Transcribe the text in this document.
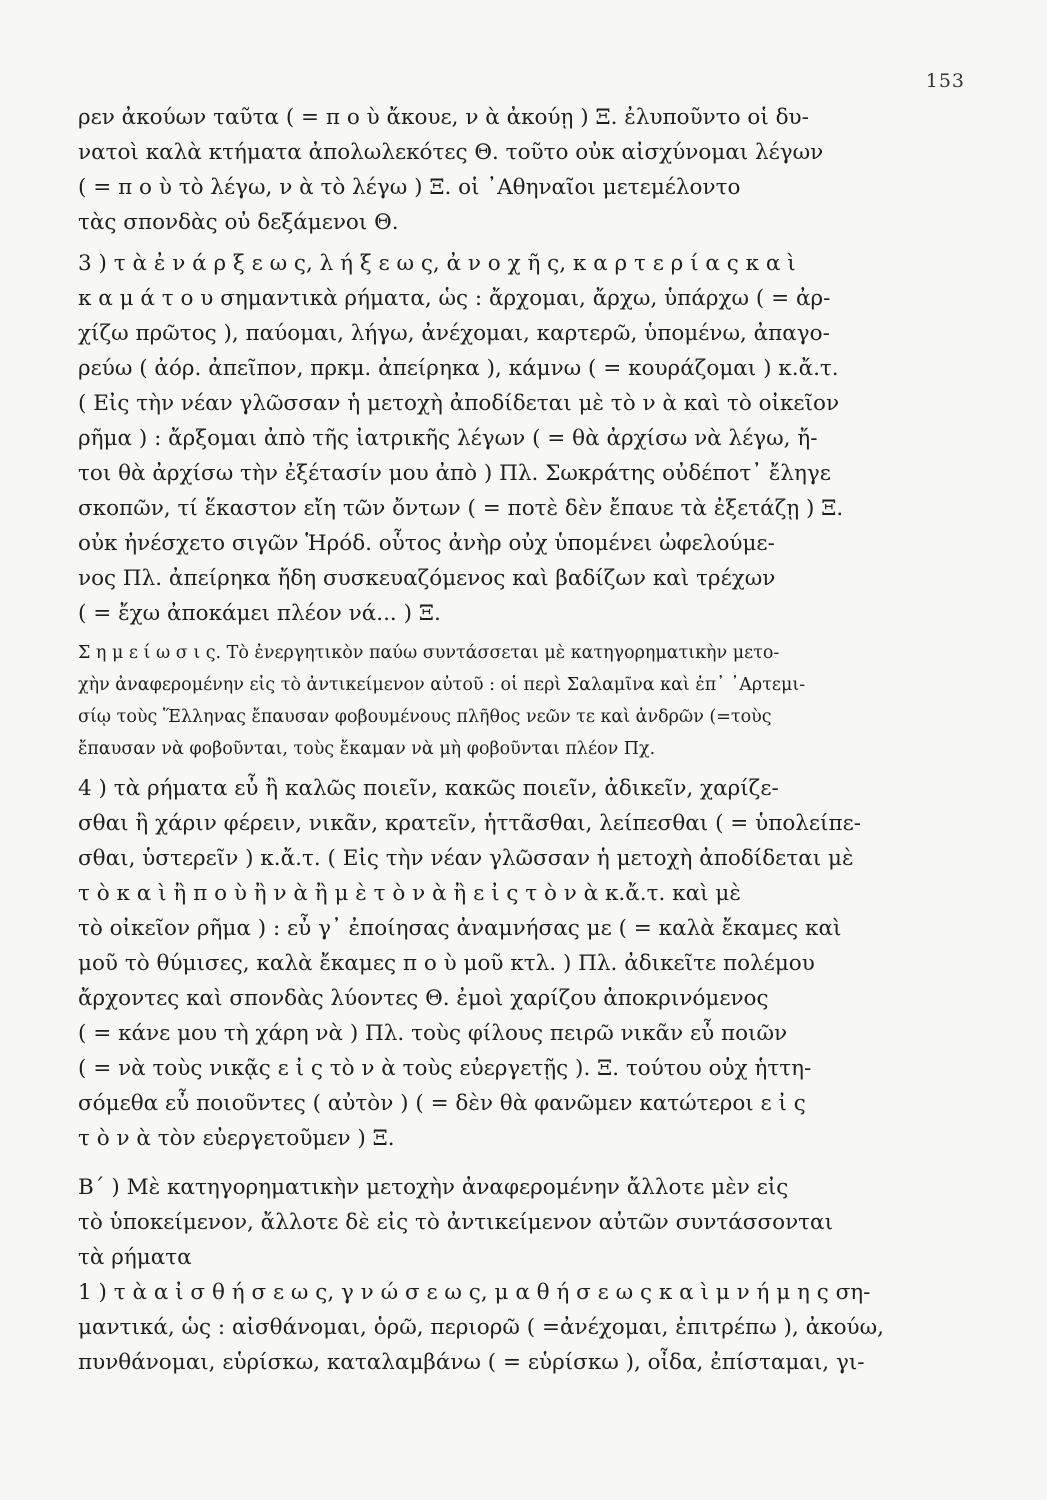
153
ρεν ἀκούων ταῦτα ( = π ο ὺ ἄκουε, ν ὰ ἀκούῃ ) Ξ. ἐλυποῦντο οἱ δυ-
νατοὶ καλὰ κτήματα ἀπολωλεκότες Θ. τοῦτο οὐκ αἰσχύνομαι λέγων
( = π ο ὺ τὸ λέγω, ν ὰ τὸ λέγω ) Ξ. οἱ ᾿Αθηναῖοι μετεμέλοντο
τὰς σπονδὰς οὐ δεξάμενοι Θ.
3 ) τ ὰ ἐ ν ά ρ ξ ε ω ς, λ ή ξ ε ω ς, ἀ ν ο χ ῆ ς, κ α ρ τ ε ρ ί α ς κ α ὶ
κ α μ ά τ ο υ σημαντικὰ ρήματα, ὡς : ἄρχομαι, ἄρχω, ὑπάρχω ( = ἀρ-
χίζω πρῶτος ), παύομαι, λήγω, ἀνέχομαι, καρτερῶ, ὑπομένω, ἀπαγο-
ρεύω ( ἀόρ. ἀπεῖπον, πρκμ. ἀπείρηκα ), κάμνω ( = κουράζομαι ) κ.ἄ.τ.
( Εἰς τὴν νέαν γλῶσσαν ἡ μετοχὴ ἀποδίδεται μὲ τὸ ν ὰ καὶ τὸ οἰκεῖον
ρῆμα ) : ἄρξομαι ἀπὸ τῆς ἰατρικῆς λέγων ( = θὰ ἀρχίσω νὰ λέγω, ἤ-
τοι θὰ ἀρχίσω τὴν ἐξέτασίν μου ἀπὸ ) Πλ. Σωκράτης οὐδέποτ᾿ ἔληγε
σκοπῶν, τί ἕκαστον εἴη τῶν ὄντων ( = ποτὲ δὲν ἔπαυε τὰ ἐξετάζῃ ) Ξ.
οὐκ ἠνέσχετο σιγῶν Ἡρόδ. οὗτος ἀνὴρ οὐχ ὑπομένει ὠφελούμε-
νος Πλ. ἀπείρηκα ἤδη συσκευαζόμενος καὶ βαδίζων καὶ τρέχων
( = ἔχω ἀποκάμει πλέον νά... ) Ξ.
Σ η μ ε ί ω σ ι ς. Τὸ ἐνεργητικὸν παύω συντάσσεται μὲ κατηγορηματικὴν μετο-
χὴν ἀναφερομένην εἰς τὸ ἀντικείμενον αὐτοῦ : οἱ περὶ Σαλαμῖνα καὶ ἐπ᾿ ᾿Αρτεμι-
σίῳ τοὺς Ἕλληνας ἔπαυσαν φοβουμένους πλῆθος νεῶν τε καὶ ἀνδρῶν (=τοὺς
ἔπαυσαν νὰ φοβοῦνται, τοὺς ἔκαμαν νὰ μὴ φοβοῦνται πλέον Πχ.
4 ) τὰ ρήματα εὖ ἢ καλῶς ποιεῖν, κακῶς ποιεῖν, ἀδικεῖν, χαρίζε-
σθαι ἢ χάριν φέρειν, νικᾶν, κρατεῖν, ἡττᾶσθαι, λείπεσθαι ( = ὑπολείπε-
σθαι, ὑστερεῖν ) κ.ἄ.τ. ( Εἰς τὴν νέαν γλῶσσαν ἡ μετοχὴ ἀποδίδεται μὲ
τ ὸ κ α ὶ ἢ π ο ὺ ἢ ν ὰ ἢ μ ὲ τ ὸ ν ὰ ἢ ε ἰ ς τ ὸ ν ὰ κ.ἄ.τ. καὶ μὲ
τὸ οἰκεῖον ρῆμα ) : εὖ γ᾿ ἐποίησας ἀναμνήσας με ( = καλὰ ἔκαμες καὶ
μοῦ τὸ θύμισες, καλὰ ἔκαμες π ο ὺ μοῦ κτλ. ) Πλ. ἀδικεῖτε πολέμου
ἄρχοντες καὶ σπονδὰς λύοντες Θ. ἐμοὶ χαρίζου ἀποκρινόμενος
( = κάνε μου τὴ χάρη νὰ ) Πλ. τοὺς φίλους πειρῶ νικᾶν εὖ ποιῶν
( = νὰ τοὺς νικᾷς ε ἰ ς τὸ ν ὰ τοὺς εὐεργετῇς ). Ξ. τούτου οὐχ ἡττη-
σόμεθα εὖ ποιοῦντες ( αὐτὸν ) ( = δὲν θὰ φανῶμεν κατώτεροι ε ἰ ς
τ ὸ ν ὰ τὸν εὐεργετοῦμεν ) Ξ.
Β΄ ) Μὲ κατηγορηματικὴν μετοχὴν ἀναφερομένην ἄλλοτε μὲν εἰς
τὸ ὑποκείμενον, ἄλλοτε δὲ εἰς τὸ ἀντικείμενον αὐτῶν συντάσσονται
τὰ ρήματα
1 ) τ ὰ α ἰ σ θ ή σ ε ω ς, γ ν ώ σ ε ω ς, μ α θ ή σ ε ω ς κ α ὶ μ ν ή μ η ς ση-
μαντικά, ὡς : αἰσθάνομαι, ὁρῶ, περιορῶ ( =ἀνέχομαι, ἐπιτρέπω ), ἀκούω,
πυνθάνομαι, εὑρίσκω, καταλαμβάνω ( = εὑρίσκω ), οἶδα, ἐπίσταμαι, γι-
